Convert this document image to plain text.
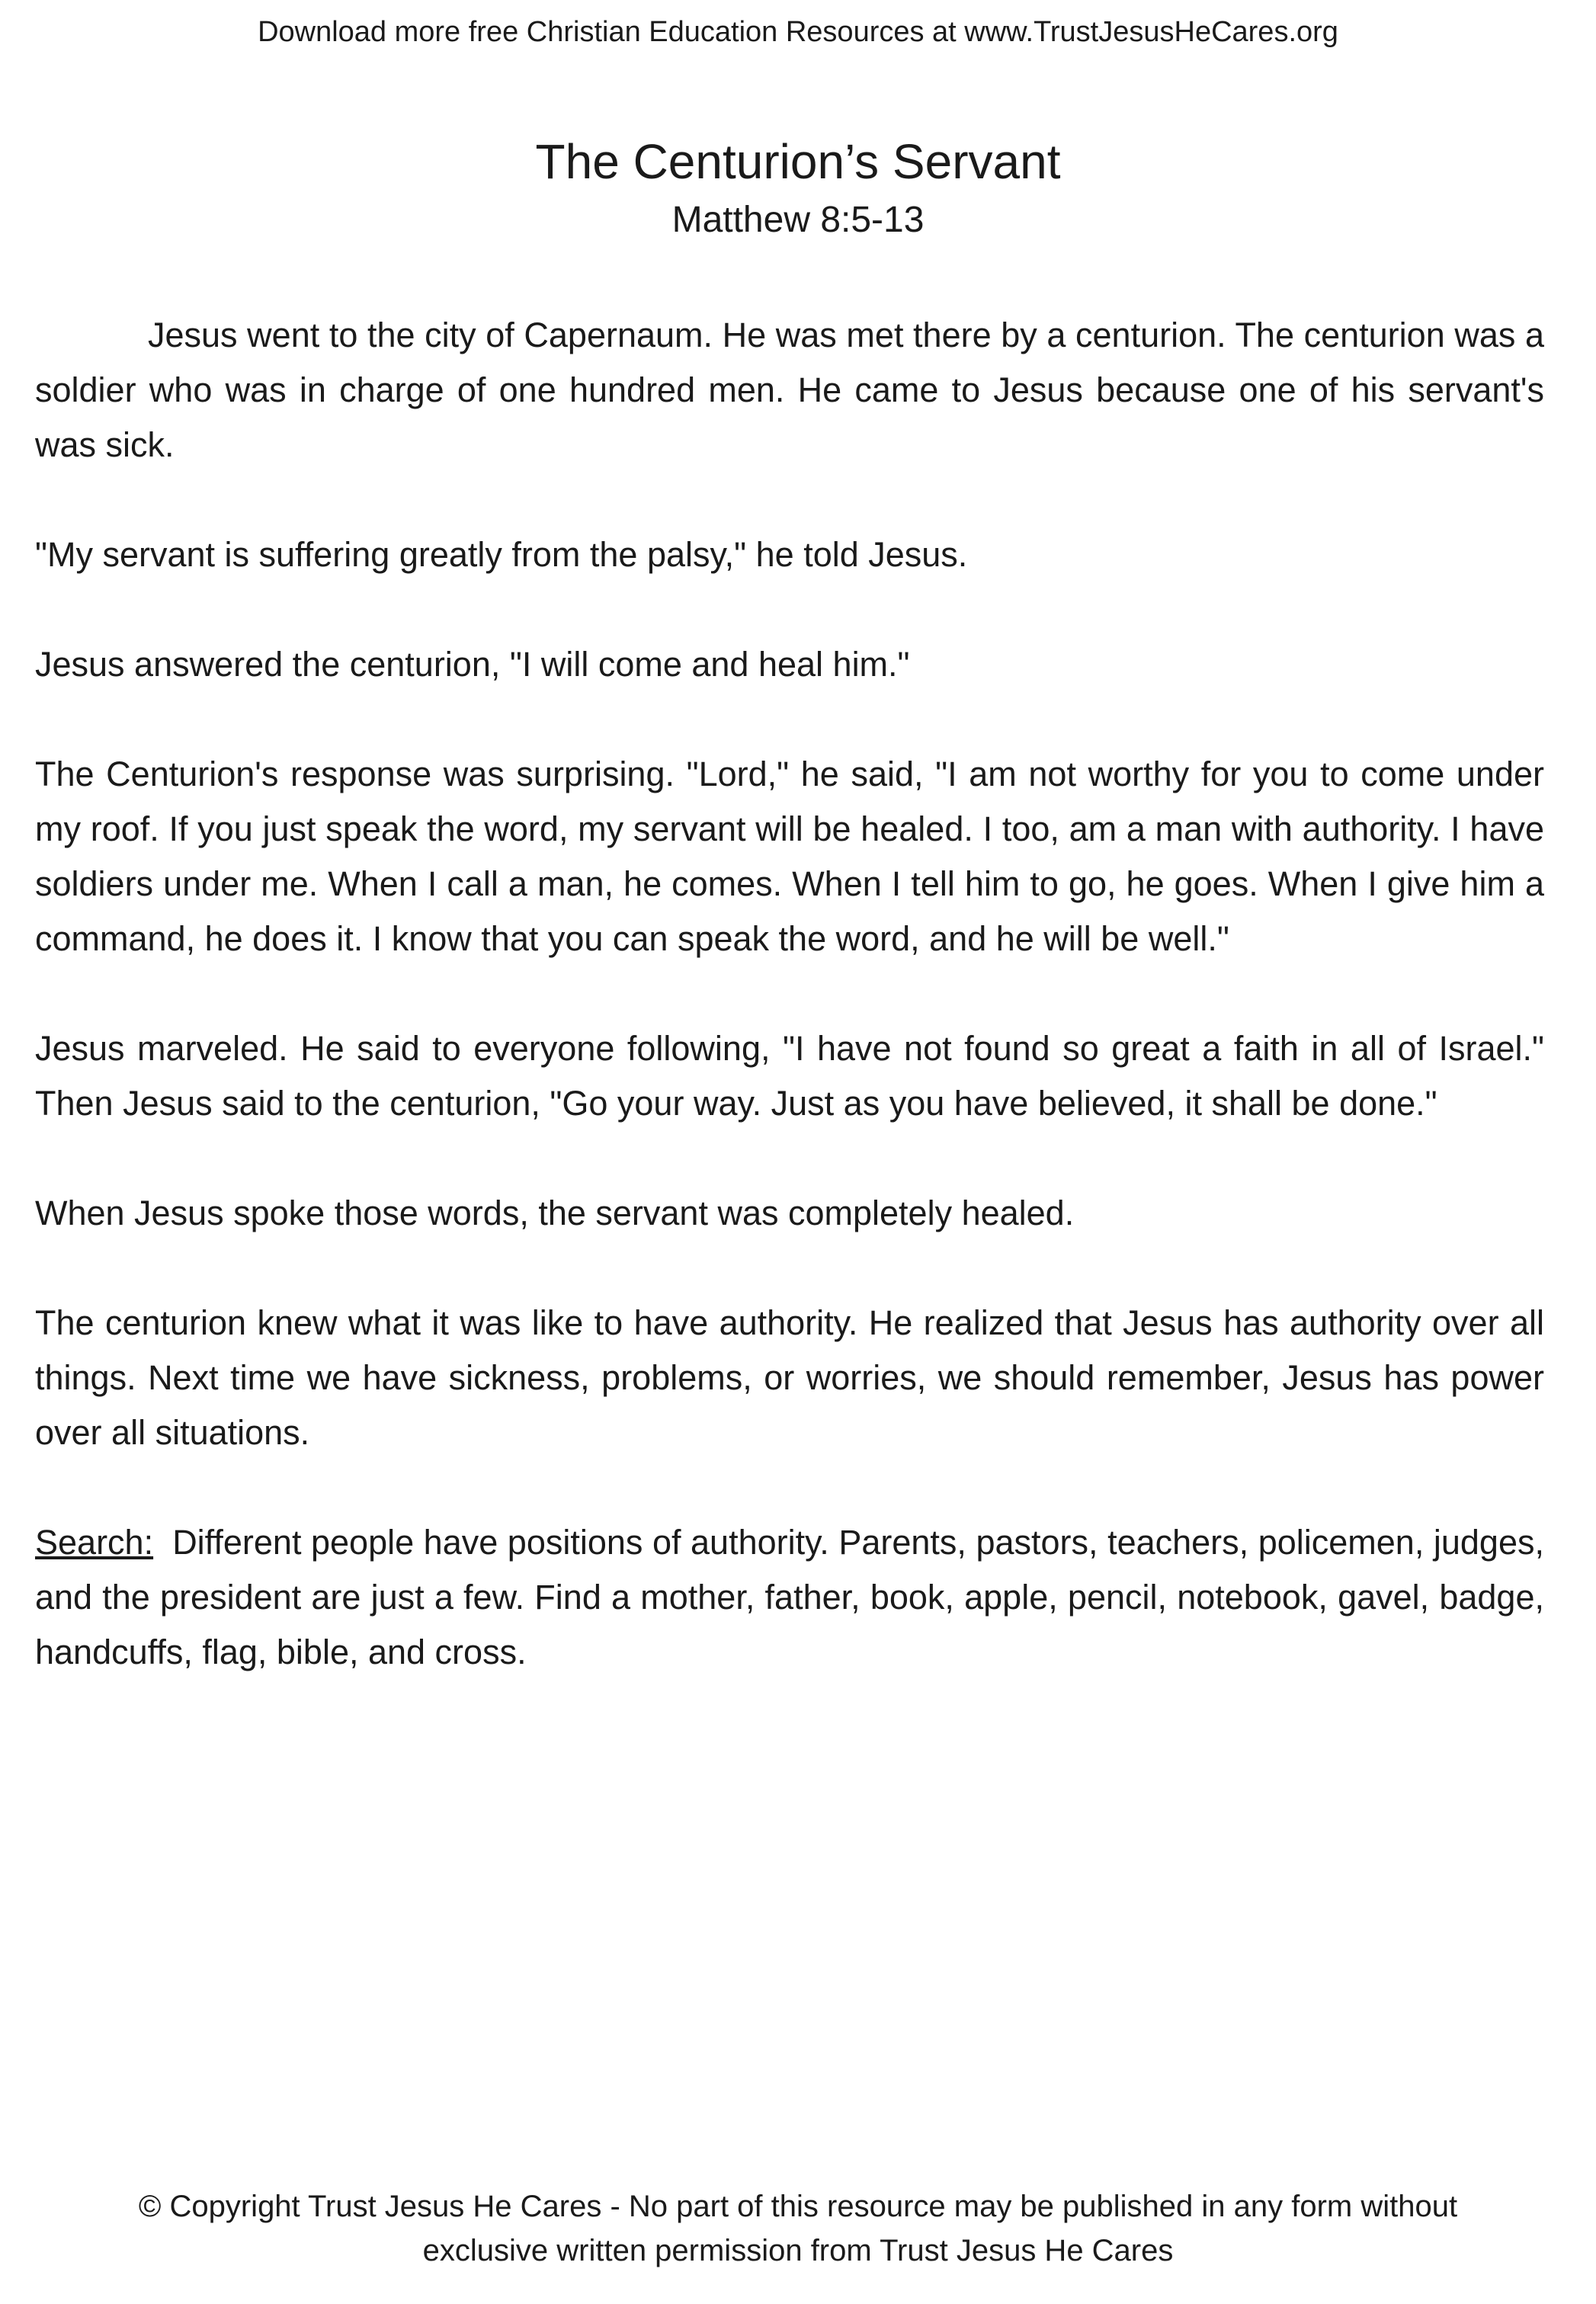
Download more free Christian Education Resources at www.TrustJesusHeCares.org
The Centurion’s Servant

Matthew 8:5-13

Jesus went to the city of Capernaum. He was met there by a centurion. The centurion was a soldier who was in charge of one hundred men. He came to Jesus because one of his servant's was sick.

"My servant is suffering greatly from the palsy," he told Jesus.

Jesus answered the centurion, "I will come and heal him."

The Centurion's response was surprising. "Lord," he said, "I am not worthy for you to come under my roof. If you just speak the word, my servant will be healed. I too, am a man with authority. I have soldiers under me. When I call a man, he comes. When I tell him to go, he goes. When I give him a command, he does it. I know that you can speak the word, and he will be well."

Jesus marveled. He said to everyone following, "I have not found so great a faith in all of Israel." Then Jesus said to the centurion, "Go your way. Just as you have believed, it shall be done."

When Jesus spoke those words, the servant was completely healed.

The centurion knew what it was like to have authority. He realized that Jesus has authority over all things. Next time we have sickness, problems, or worries, we should remember, Jesus has power over all situations.

Search: Different people have positions of authority. Parents, pastors, teachers, policemen, judges, and the president are just a few. Find a mother, father, book, apple, pencil, notebook, gavel, badge, handcuffs, flag, bible, and cross.

© Copyright Trust Jesus He Cares - No part of this resource may be published in any form without

exclusive written permission from Trust Jesus He Cares
